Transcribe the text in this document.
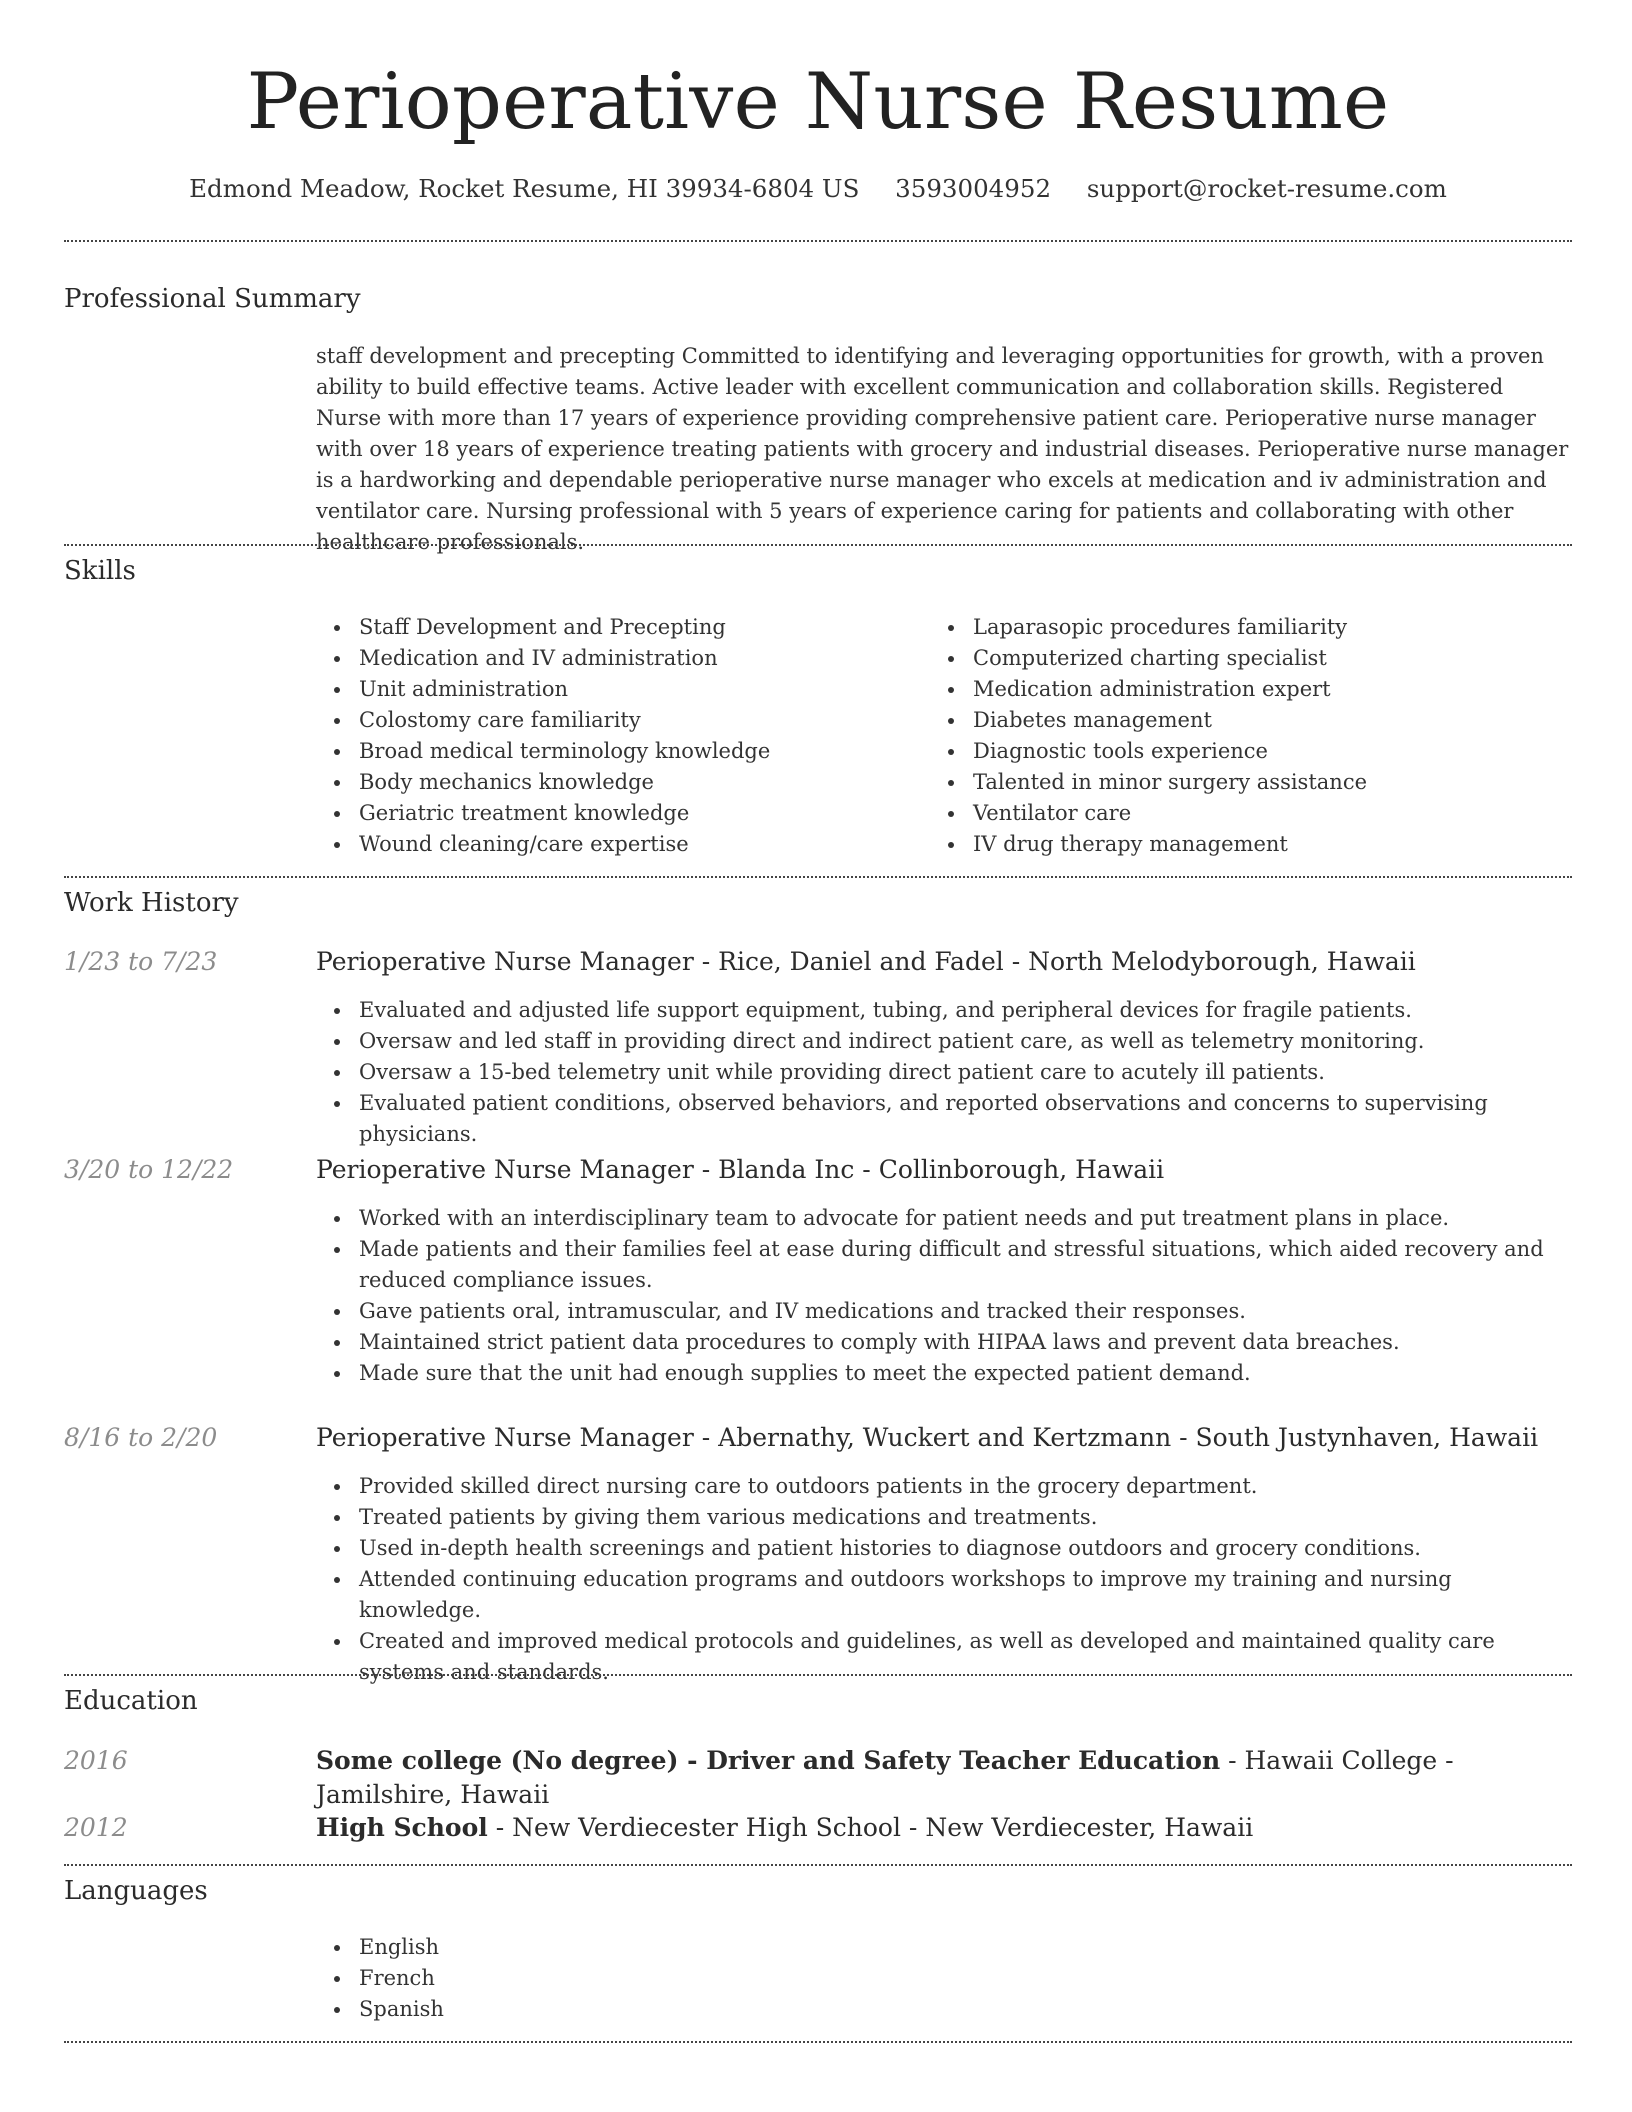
Perioperative Nurse Resume
Edmond Meadow, Rocket Resume, HI 39934-6804 US 3593004952 support@rocket-resume.com
Professional Summary
staff development and precepting Committed to identifying and leveraging opportunities for growth, with a proven ability to build effective teams. Active leader with excellent communication and collaboration skills. Registered Nurse with more than 17 years of experience providing comprehensive patient care. Perioperative nurse manager with over 18 years of experience treating patients with grocery and industrial diseases. Perioperative nurse manager is a hardworking and dependable perioperative nurse manager who excels at medication and iv administration and ventilator care. Nursing professional with 5 years of experience caring for patients and collaborating with other healthcare professionals.
Skills
Staff Development and Precepting
Medication and IV administration
Unit administration
Colostomy care familiarity
Broad medical terminology knowledge
Body mechanics knowledge
Geriatric treatment knowledge
Wound cleaning/care expertise
Laparasopic procedures familiarity
Computerized charting specialist
Medication administration expert
Diabetes management
Diagnostic tools experience
Talented in minor surgery assistance
Ventilator care
IV drug therapy management
Work History
1/23 to 7/23	Perioperative Nurse Manager - Rice, Daniel and Fadel - North Melodyborough, Hawaii
Evaluated and adjusted life support equipment, tubing, and peripheral devices for fragile patients.
Oversaw and led staff in providing direct and indirect patient care, as well as telemetry monitoring.
Oversaw a 15-bed telemetry unit while providing direct patient care to acutely ill patients.
Evaluated patient conditions, observed behaviors, and reported observations and concerns to supervising physicians.
3/20 to 12/22	Perioperative Nurse Manager - Blanda Inc - Collinborough, Hawaii
Worked with an interdisciplinary team to advocate for patient needs and put treatment plans in place.
Made patients and their families feel at ease during difficult and stressful situations, which aided recovery and reduced compliance issues.
Gave patients oral, intramuscular, and IV medications and tracked their responses.
Maintained strict patient data procedures to comply with HIPAA laws and prevent data breaches.
Made sure that the unit had enough supplies to meet the expected patient demand.
8/16 to 2/20	Perioperative Nurse Manager - Abernathy, Wuckert and Kertzmann - South Justynhaven, Hawaii
Provided skilled direct nursing care to outdoors patients in the grocery department.
Treated patients by giving them various medications and treatments.
Used in-depth health screenings and patient histories to diagnose outdoors and grocery conditions.
Attended continuing education programs and outdoors workshops to improve my training and nursing knowledge.
Created and improved medical protocols and guidelines, as well as developed and maintained quality care systems and standards.
Education
2016	Some college (No degree) - Driver and Safety Teacher Education - Hawaii College - Jamilshire, Hawaii
2012	High School - New Verdiecester High School - New Verdiecester, Hawaii
Languages
English
French
Spanish
